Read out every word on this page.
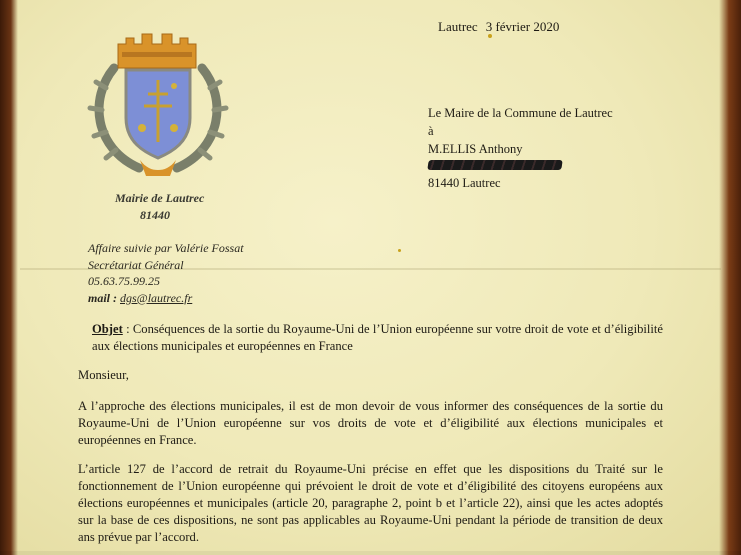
Lautrec 3 février 2020
Mairie de Lautrec
81440
Le Maire de la Commune de Lautrec
à
M.ELLIS Anthony
81440 Lautrec
Affaire suivie par Valérie Fossat
Secrétariat Général
05.63.75.99.25
mail : dgs@lautrec.fr

Objet : Conséquences de la sortie du Royaume-Uni de l’Union européenne sur votre droit de vote et d’éligibilité aux élections municipales et européennes en France

Monsieur,

A l’approche des élections municipales, il est de mon devoir de vous informer des conséquences de la sortie du Royaume-Uni de l’Union européenne sur vos droits de vote et d’éligibilité aux élections municipales et européennes en France.

L’article 127 de l’accord de retrait du Royaume-Uni précise en effet que les dispositions du Traité sur le fonctionnement de l’Union européenne qui prévoient le droit de vote et d’éligibilité des citoyens européens aux élections européennes et municipales (article 20, paragraphe 2, point b et l’article 22), ainsi que les actes adoptés sur la base de ces dispositions, ne sont pas applicables au Royaume-Uni pendant la période de transition de deux ans prévue par l’accord.
